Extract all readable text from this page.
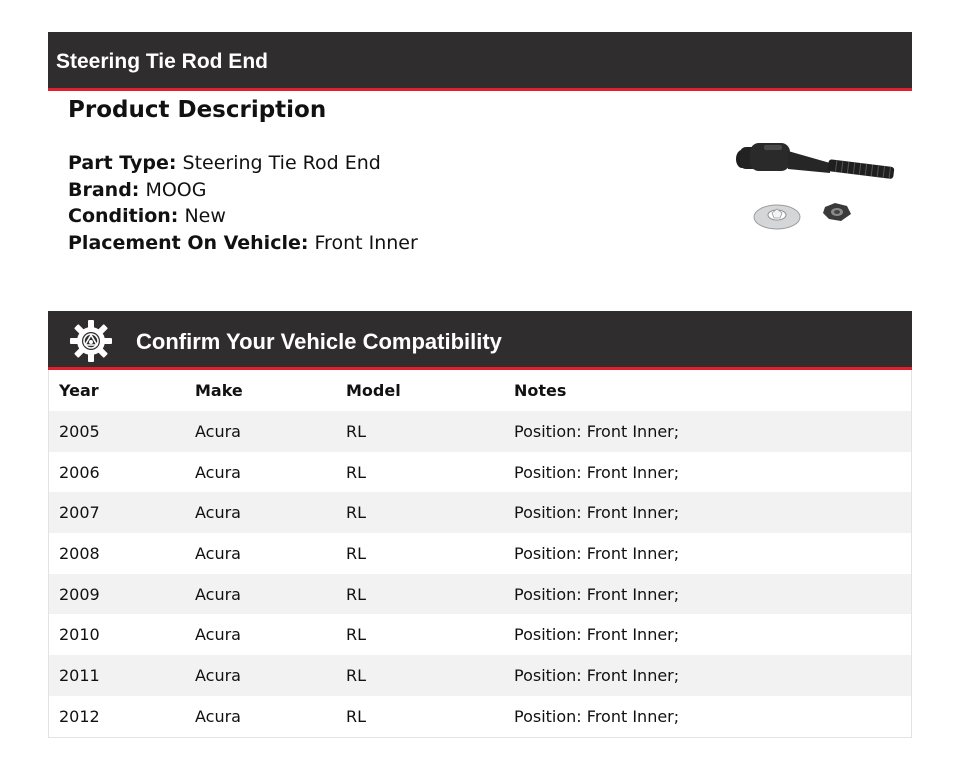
Steering Tie Rod End
Product Description
Part Type: Steering Tie Rod End
Brand: MOOG
Condition: New
Placement On Vehicle: Front Inner
Confirm Your Vehicle Compatibility
Year	Make	Model	Notes
2005	Acura	RL	Position: Front Inner;
2006	Acura	RL	Position: Front Inner;
2007	Acura	RL	Position: Front Inner;
2008	Acura	RL	Position: Front Inner;
2009	Acura	RL	Position: Front Inner;
2010	Acura	RL	Position: Front Inner;
2011	Acura	RL	Position: Front Inner;
2012	Acura	RL	Position: Front Inner;
